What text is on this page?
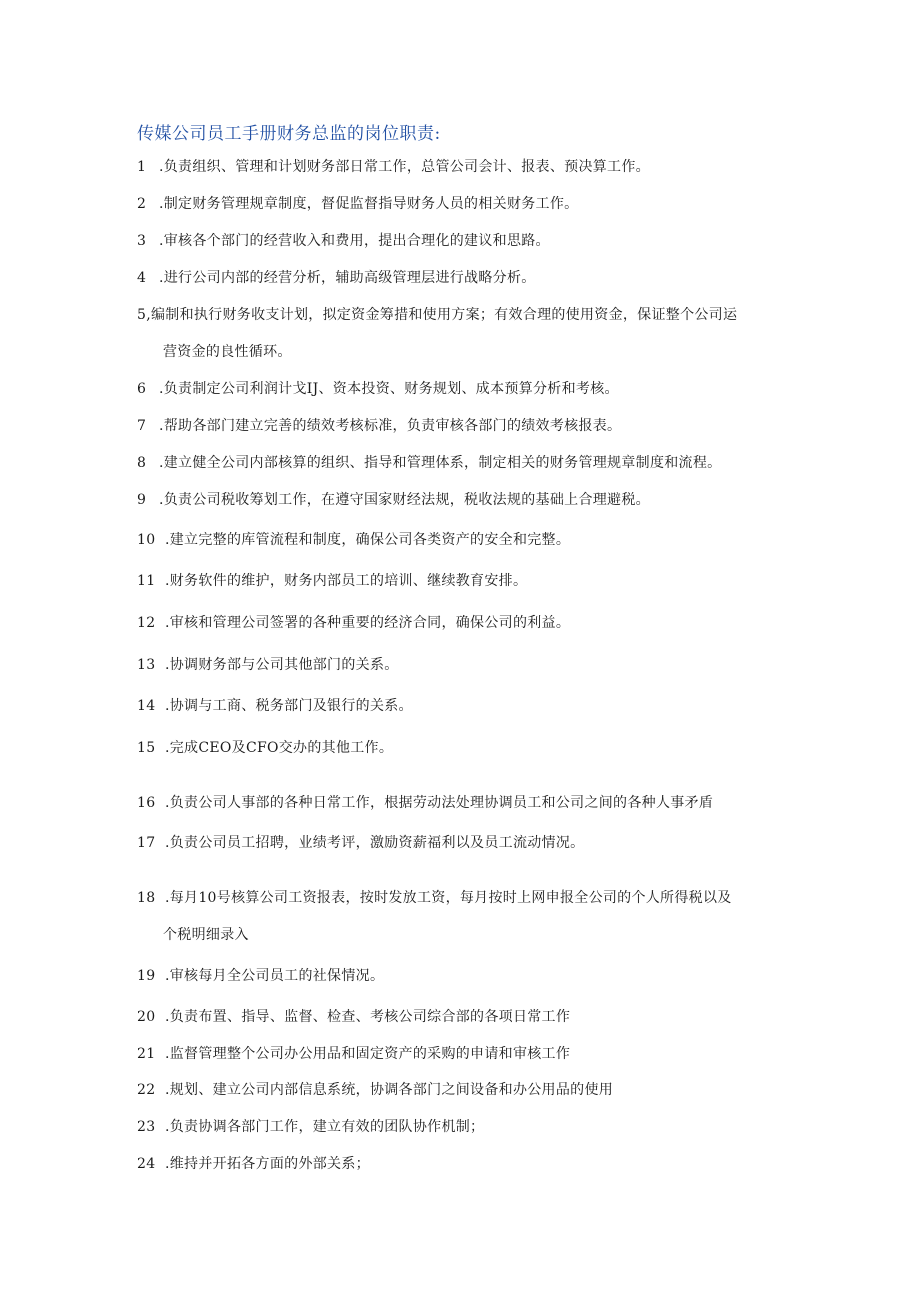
传媒公司员工手册财务总监的岗位职责:
1 .负责组织、管理和计划财务部日常工作，总管公司会计、报表、预决算工作。
2 .制定财务管理规章制度，督促监督指导财务人员的相关财务工作。
3 .审核各个部门的经营收入和费用，提出合理化的建议和思路。
4 .进行公司内部的经营分析，辅助高级管理层进行战略分析。
5,编制和执行财务收支计划，拟定资金筹措和使用方案；有效合理的使用资金，保证整个公司运
营资金的良性循环。
6 .负责制定公司利润计戈IJ、资本投资、财务规划、成本预算分析和考核。
7 .帮助各部门建立完善的绩效考核标准，负责审核各部门的绩效考核报表。
8 .建立健全公司内部核算的组织、指导和管理体系，制定相关的财务管理规章制度和流程。
9 .负责公司税收筹划工作，在遵守国家财经法规，税收法规的基础上合理避税。
10 .建立完整的库管流程和制度，确保公司各类资产的安全和完整。
11 .财务软件的维护，财务内部员工的培训、继续教育安排。
12 .审核和管理公司签署的各种重要的经济合同，确保公司的利益。
13 .协调财务部与公司其他部门的关系。
14 .协调与工商、税务部门及银行的关系。
15 .完成CEO及CFO交办的其他工作。
16 .负责公司人事部的各种日常工作，根据劳动法处理协调员工和公司之间的各种人事矛盾
17 .负责公司员工招聘，业绩考评，激励资薪福利以及员工流动情况。
18 .每月10号核算公司工资报表，按时发放工资，每月按时上网申报全公司的个人所得税以及
个税明细录入
19 .审核每月全公司员工的社保情况。
20 .负责布置、指导、监督、检查、考核公司综合部的各项日常工作
21 .监督管理整个公司办公用品和固定资产的采购的申请和审核工作
22 .规划、建立公司内部信息系统，协调各部门之间设备和办公用品的使用
23 .负责协调各部门工作，建立有效的团队协作机制；
24 .维持并开拓各方面的外部关系；
